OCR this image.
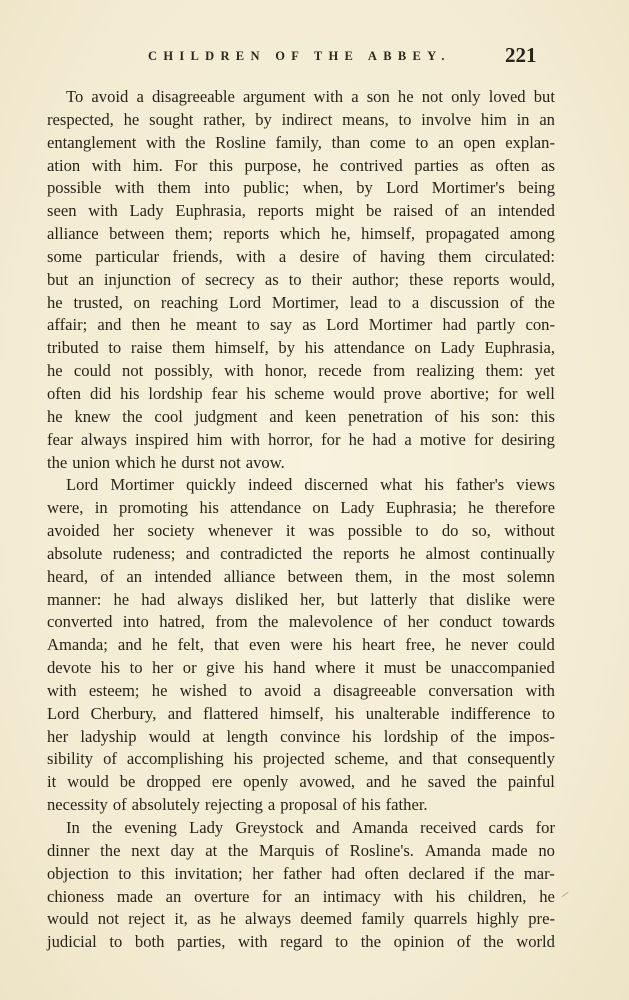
CHILDREN OF THE ABBEY.	221
To avoid a disagreeable argument with a son he not only loved but
respected, he sought rather, by indirect means, to involve him in an
entanglement with the Rosline family, than come to an open explan-
ation with him. For this purpose, he contrived parties as often as
possible with them into public; when, by Lord Mortimer's being
seen with Lady Euphrasia, reports might be raised of an intended
alliance between them; reports which he, himself, propagated among
some particular friends, with a desire of having them circulated:
but an injunction of secrecy as to their author; these reports would,
he trusted, on reaching Lord Mortimer, lead to a discussion of the
affair; and then he meant to say as Lord Mortimer had partly con-
tributed to raise them himself, by his attendance on Lady Euphrasia,
he could not possibly, with honor, recede from realizing them: yet
often did his lordship fear his scheme would prove abortive; for well
he knew the cool judgment and keen penetration of his son: this
fear always inspired him with horror, for he had a motive for desiring
the union which he durst not avow.
Lord Mortimer quickly indeed discerned what his father's views
were, in promoting his attendance on Lady Euphrasia; he therefore
avoided her society whenever it was possible to do so, without
absolute rudeness; and contradicted the reports he almost continually
heard, of an intended alliance between them, in the most solemn
manner: he had always disliked her, but latterly that dislike were
converted into hatred, from the malevolence of her conduct towards
Amanda; and he felt, that even were his heart free, he never could
devote his to her or give his hand where it must be unaccompanied
with esteem; he wished to avoid a disagreeable conversation with
Lord Cherbury, and flattered himself, his unalterable indifference to
her ladyship would at length convince his lordship of the impos-
sibility of accomplishing his projected scheme, and that consequently
it would be dropped ere openly avowed, and he saved the painful
necessity of absolutely rejecting a proposal of his father.
In the evening Lady Greystock and Amanda received cards for
dinner the next day at the Marquis of Rosline's. Amanda made no
objection to this invitation; her father had often declared if the mar-
chioness made an overture for an intimacy with his children, he
would not reject it, as he always deemed family quarrels highly pre-
judicial to both parties, with regard to the opinion of the world
